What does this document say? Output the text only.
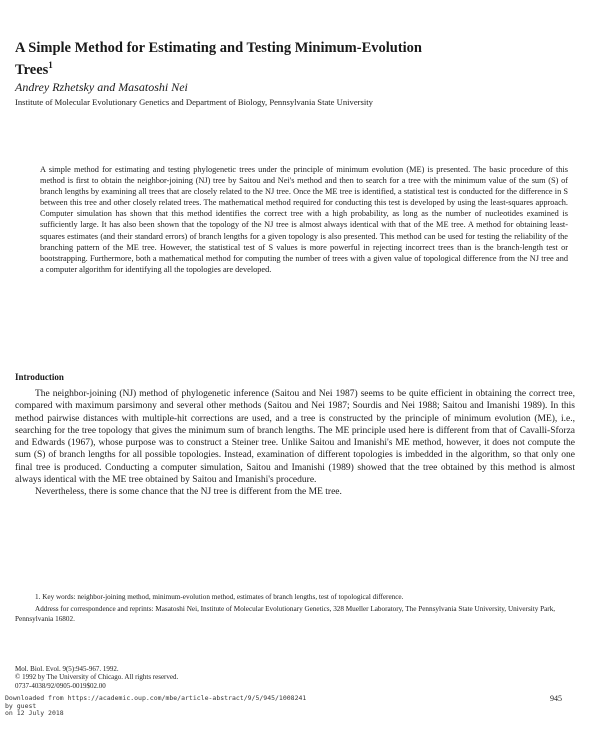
A Simple Method for Estimating and Testing Minimum-Evolution Trees$^1$

Andrey Rzhetsky and Masatoshi Nei

Institute of Molecular Evolutionary Genetics and Department of Biology, Pennsylvania State University

A simple method for estimating and testing phylogenetic trees under the principle of minimum evolution (ME) is presented. The basic procedure of this method is first to obtain the neighbor-joining (NJ) tree by Saitou and Nei's method and then to search for a tree with the minimum value of the sum (S) of branch lengths by examining all trees that are closely related to the NJ tree. Once the ME tree is identified, a statistical test is conducted for the difference in S between this tree and other closely related trees. The mathematical method required for conducting this test is developed by using the least-squares approach. Computer simulation has shown that this method identifies the correct tree with a high probability, as long as the number of nucleotides examined is sufficiently large. It has also been shown that the topology of the NJ tree is almost always identical with that of the ME tree. A method for obtaining least-squares estimates (and their standard errors) of branch lengths for a given topology is also presented. This method can be used for testing the reliability of the branching pattern of the ME tree. However, the statistical test of S values is more powerful in rejecting incorrect trees than is the branch-length test or bootstrapping. Furthermore, both a mathematical method for computing the number of trees with a given value of topological difference from the NJ tree and a computer algorithm for identifying all the topologies are developed.

Introduction

The neighbor-joining (NJ) method of phylogenetic inference (Saitou and Nei 1987) seems to be quite efficient in obtaining the correct tree, compared with maximum parsimony and several other methods (Saitou and Nei 1987; Sourdis and Nei 1988; Saitou and Imanishi 1989). In this method pairwise distances with multiple-hit corrections are used, and a tree is constructed by the principle of minimum evolution (ME), i.e., searching for the tree topology that gives the minimum sum of branch lengths. The ME principle used here is different from that of Cavalli-Sforza and Edwards (1967), whose purpose was to construct a Steiner tree. Unlike Saitou and Imanishi's ME method, however, it does not compute the sum (S) of branch lengths for all possible topologies. Instead, examination of different topologies is imbedded in the algorithm, so that only one final tree is produced. Conducting a computer simulation, Saitou and Imanishi (1989) showed that the tree obtained by this method is almost always identical with the ME tree obtained by Saitou and Imanishi's procedure.

Nevertheless, there is some chance that the NJ tree is different from the ME tree.

1. Key words: neighbor-joining method, minimum-evolution method, estimates of branch lengths, test of topological difference.

Address for correspondence and reprints: Masatoshi Nei, Institute of Molecular Evolutionary Genetics, 328 Mueller Laboratory, The Pennsylvania State University, University Park, Pennsylvania 16802.

Mol. Biol. Evol. 9(5):945-967. 1992.
© 1992 by The University of Chicago. All rights reserved.
0737-4038/92/0905-0019$02.00
Downloaded from https://academic.oup.com/mbe/article-abstract/9/5/945/1008241
by guest
on 12 July 2018

945
